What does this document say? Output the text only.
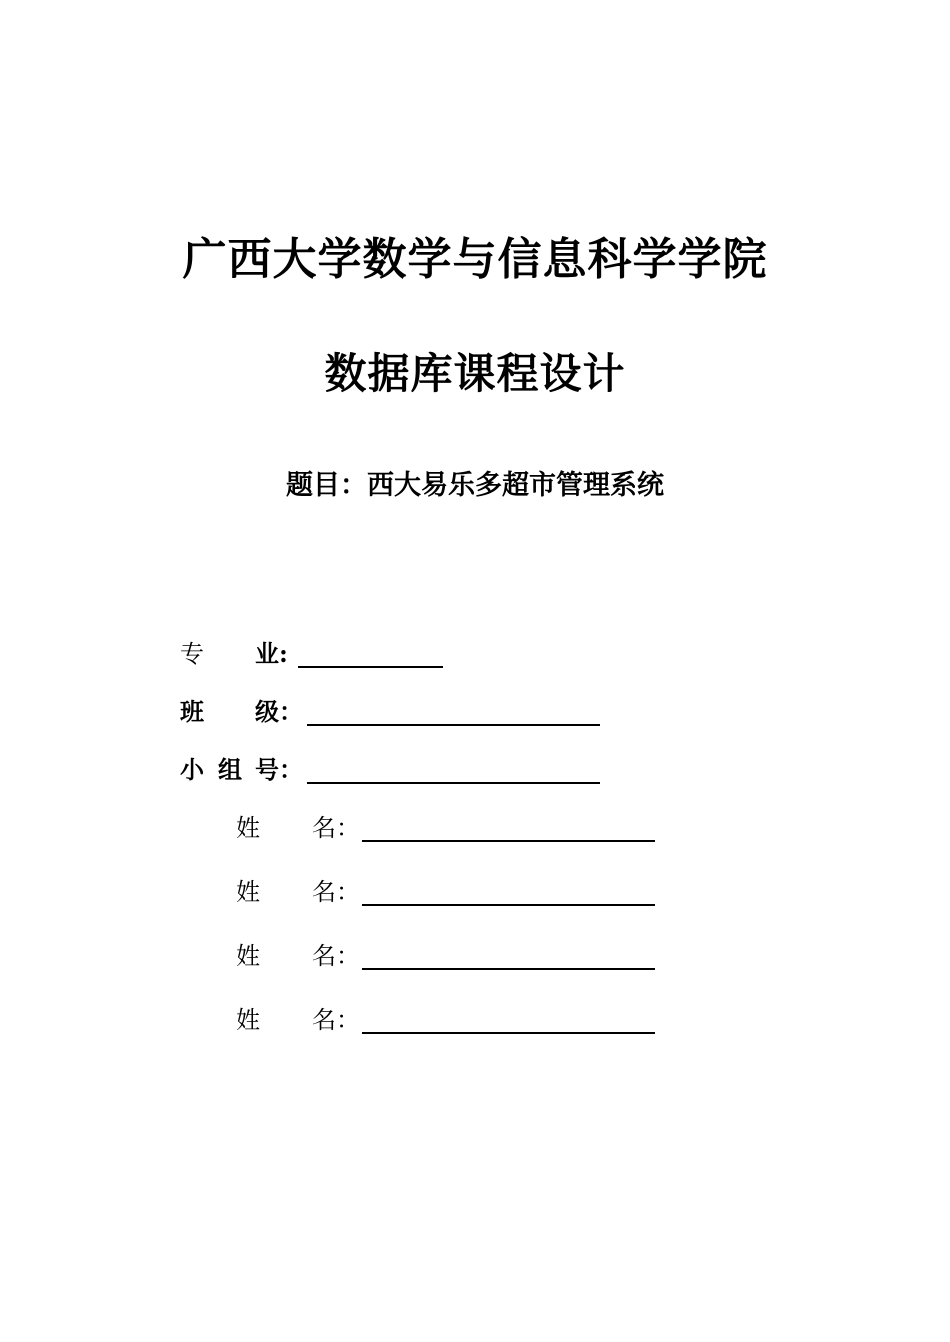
广西大学数学与信息科学学院
数据库课程设计
题目：西大易乐多超市管理系统
专 业:
班 级：
小 组 号：
姓 名：
姓 名：
姓 名：
姓 名：
